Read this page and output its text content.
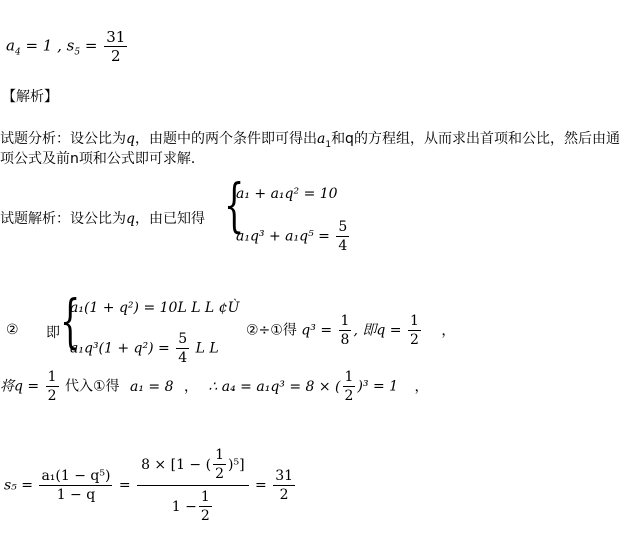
$a_4 = 1$ , $s_5 = \frac{31}{2}$
【解析】
试题分析：设公比为q，由题中的两个条件即可得出$a_1$和q的方程组，从而求出首项和公比，然后由通
项公式及前n项和公式即可求解．
试题解析：设公比为q，由已知得 {
a₁ + a₁q² = 10
$a_1q^3 + a_1q^5 = \frac{5}{4}$
② 即 {
a₁(1 + q²) = 10L L L ¢Ù
$a_1q^3(1 + q^2) = \frac{5}{4}$ L L
②÷①得 $q^3 = \frac{1}{8}$ , 即$q = \frac{1}{2}$ ，
将$q = \frac{1}{2}$ 代入①得 a₁ = 8 ， ∴ a₄ = a₁q³ = 8 × ( $\frac{1}{2} )^3 = 1$ ，
$s_5 = \frac{\text{a₁(1 − q⁵)}}{1 - q} = \frac{8 \times [1 - ( \frac{1}{2} )^5]}{1 - \frac{1}{2}} = \frac{31}{2}$
